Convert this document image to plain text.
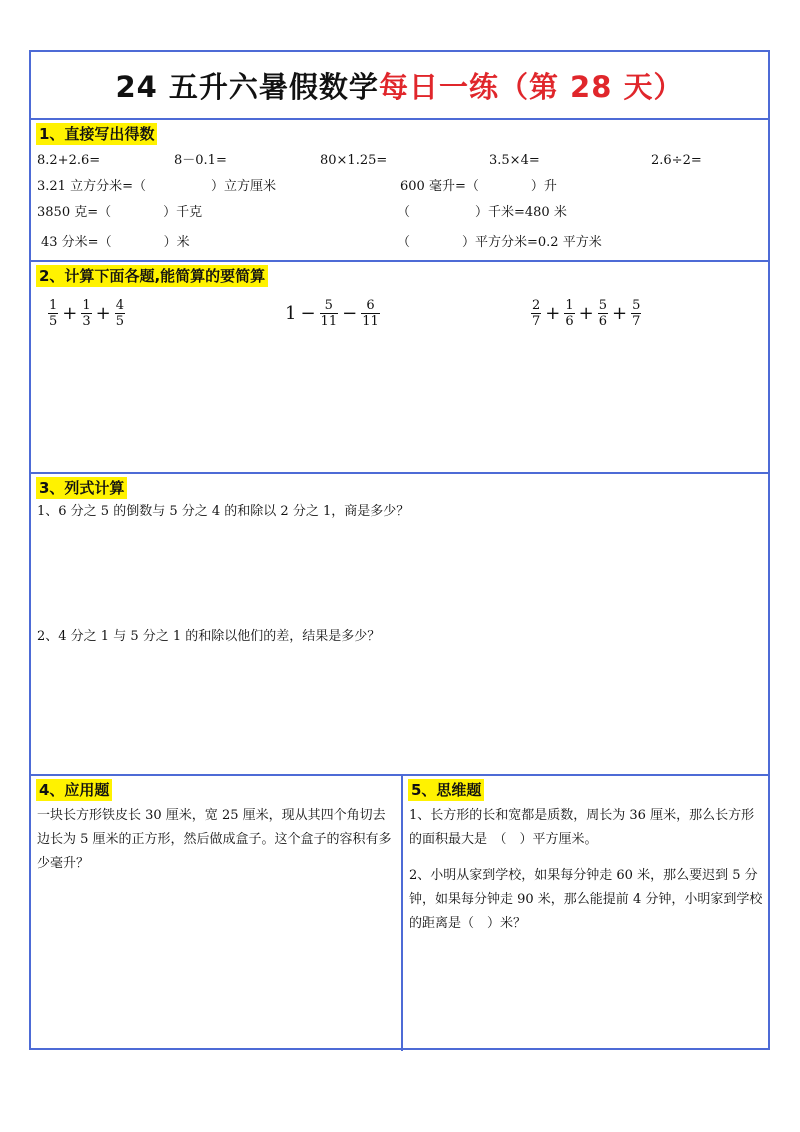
24 五升六暑假数学 每日一练（第 28 天）
1、直接写出得数
8.2+2.6=	8－0.1=	80×1.25=	3.5×4=	2.6÷2=
3.21 立方分米=（　　　　　）立方厘米	600 毫升=（　　　　）升
3850 克=（　　　　）千克	（　　　　　）千米=480 米
43 分米=（　　　　）米	（　　　　）平方分米=0.2 平方米
2、计算下面各题,能简算的要简算
$\frac{1}{5} + \frac{1}{3} + \frac{4}{5}$	$1 - \frac{5}{11} - \frac{6}{11}$	$\frac{2}{7} + \frac{1}{6} + \frac{5}{6} + \frac{5}{7}$
3、列式计算
1、6 分之 5 的倒数与 5 分之 4 的和除以 2 分之 1，商是多少？
2、4 分之 1 与 5 分之 1 的和除以他们的差，结果是多少？
4、应用题
一块长方形铁皮长 30 厘米，宽 25 厘米，现从其四个角切去边长为 5 厘米的正方形，然后做成盒子。这个盒子的容积有多少毫升？
5、思维题
1、长方形的长和宽都是质数，周长为 36 厘米，那么长方形的面积最大是　（　）平方厘米。
2、小明从家到学校，如果每分钟走 60 米，那么要迟到 5 分钟，如果每分钟走 90 米，那么能提前 4 分钟，小明家到学校的距离是（　）米？
